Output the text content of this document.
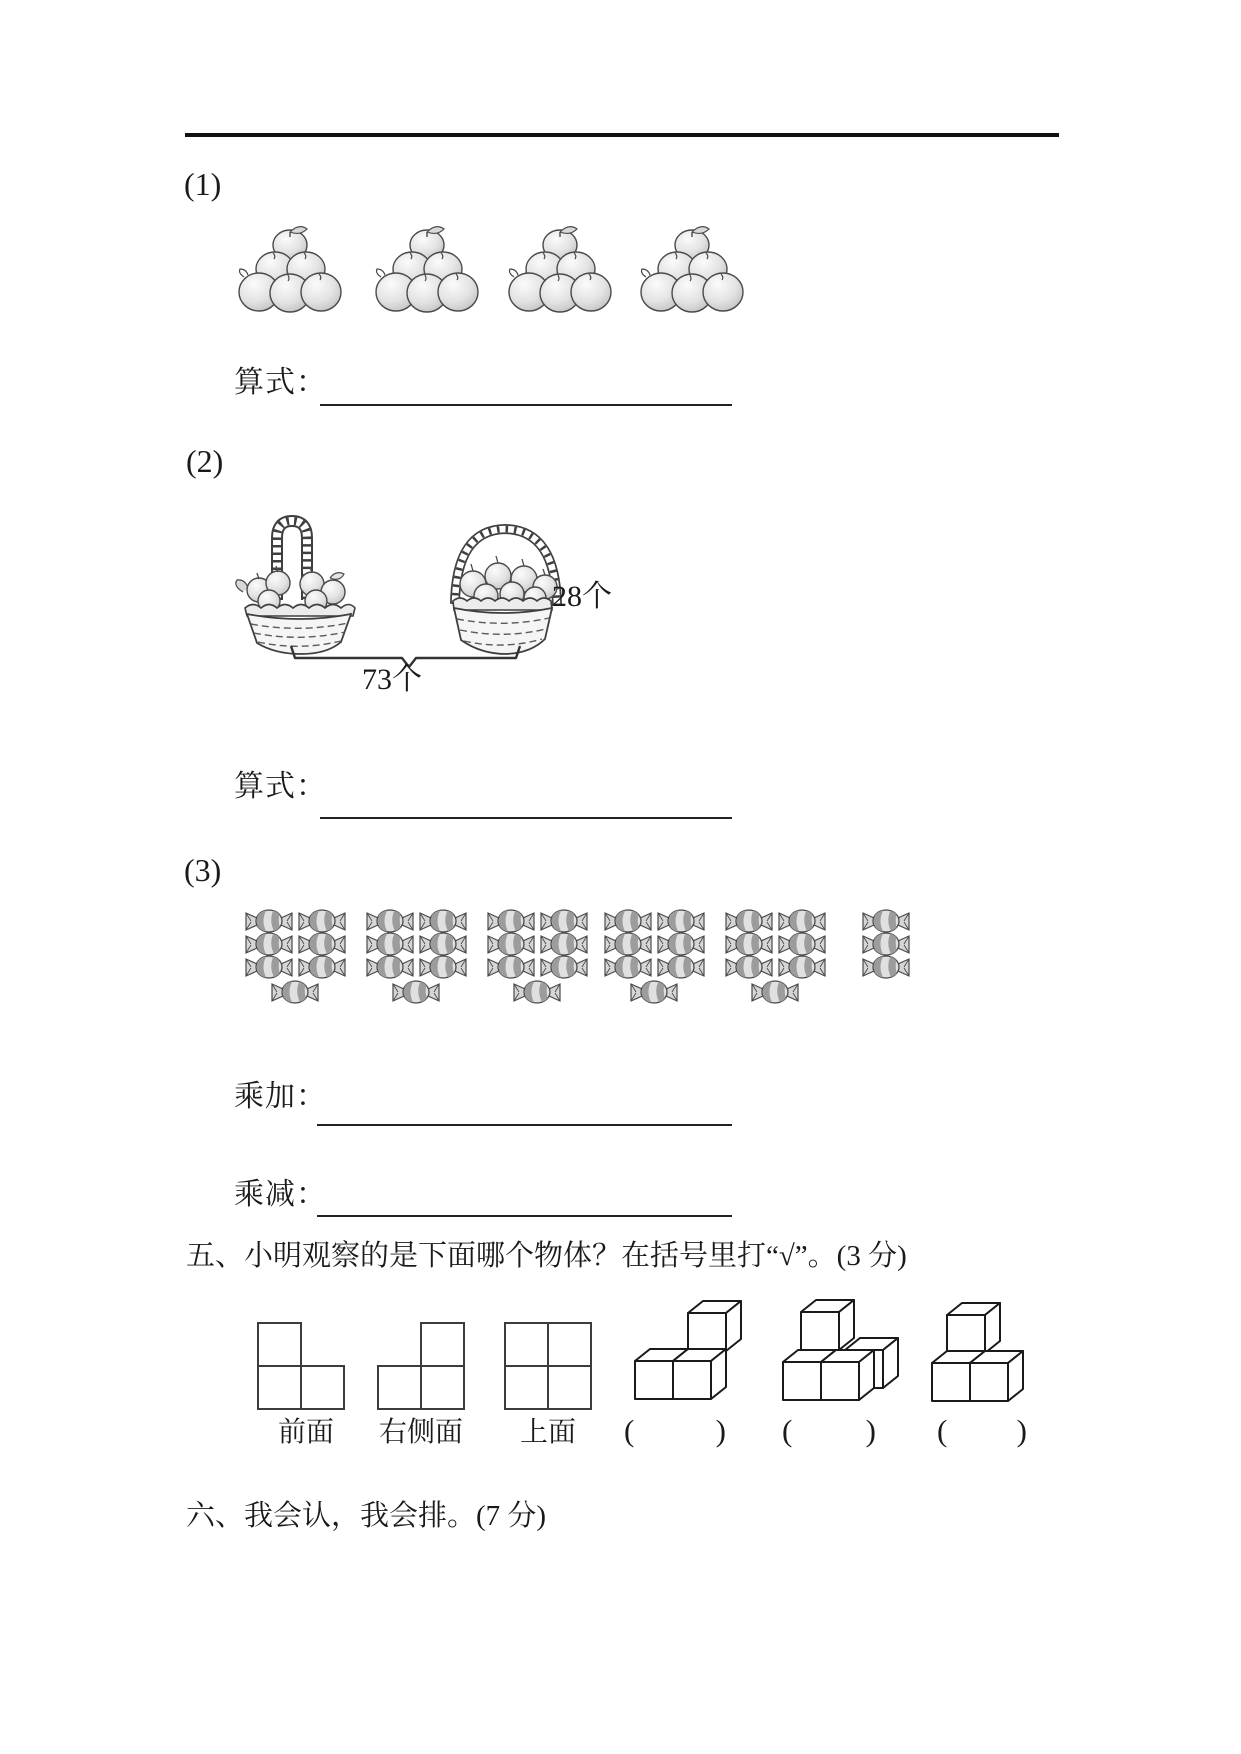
(1)
算式：
(2)
28个
73个
算式：
(3)
乘加：
乘减：
五、小明观察的是下面哪个物体？在括号里打“√”。(3 分)
前面 右侧面 上面 (	) ( ) ( )
六、我会认，我会排。(7 分)
